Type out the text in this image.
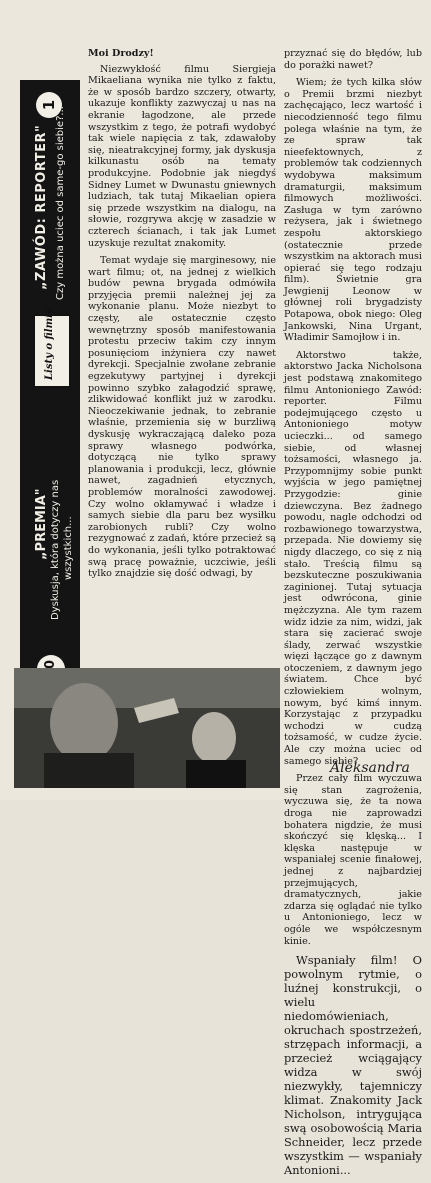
1
„ZAWÓD: REPORTER" Czy można uciec od same-go siebie?...
Listy o filmie
„PREMIA" Dyskusja, która dotyczy nas wszystkich...

Moi Drodzy!

Niezwykłość filmu Siergieja Mikaeliana wynika nie tylko z faktu, że w sposób bardzo szczery, otwarty, ukazuje konflikty zazwyczaj u nas na ekranie łagodzone, ale przede wszystkim z tego, że potrafi wydobyć tak wiele napięcia z tak, zdawałoby się, nieatrakcyjnej formy, jak dyskusja kilkunastu osób na tematy produkcyjne. Podobnie jak niegdyś Sidney Lumet w Dwunastu gniewnych ludziach, tak tutaj Mikaelian opiera się przede wszystkim na dialogu, na słowie, rozgrywa akcję w zasadzie w czterech ścianach, i tak jak Lumet uzyskuje rezultat znakomity.

Temat wydaje się marginesowy, nie wart filmu; ot, na jednej z wielkich budów pewna brygada odmówiła przyjęcia premii należnej jej za wykonanie planu. Może niezbyt to częsty, ale ostatecznie często wewnętrzny sposób manifestowania protestu przeciw takim czy innym posunięciom inżyniera czy nawet dyrekcji. Specjalnie zwołane zebranie egzekutywy partyjnej i dyrekcji powinno szybko załagodzić sprawę, zlikwidować konflikt już w zarodku. Nieoczekiwanie jednak, to zebranie właśnie, przemienia się w burzliwą dyskusję wykraczającą daleko poza sprawy własnego podwórka, dotyczącą nie tylko sprawy planowania i produkcji, lecz, głównie nawet, zagadnień etycznych, problemów moralności zawodowej. Czy wolno okłamywać i władze i samych siebie dla paru bez wysiłku zarobionych rubli? Czy wolno rezygnować z zadań, które przecież są do wykonania, jeśli tylko potraktować swą pracę poważnie, uczciwie, jeśli tylko znajdzie się dość odwagi, by

przyznać się do błędów, lub do porażki nawet?

Wiem; że tych kilka słów o Premii brzmi niezbyt zachęcająco, lecz wartość i niecodzienność tego filmu polega właśnie na tym, że ze spraw tak nieefektownych, z problemów tak codziennych wydobywa maksimum dramaturgii, maksimum filmowych możliwości. Zasługa w tym zarówno reżysera, jak i świetnego zespołu aktorskiego (ostatecznie przede wszystkim na aktorach musi opierać się tego rodzaju film). Świetnie gra Jewgienij Leonow w głównej roli brygadzisty Potapowa, obok niego: Oleg Jankowski, Nina Urgant, Władimir Samojłow i in.

Aktorstwo także, aktorstwo Jacka Nicholsona jest podstawą znakomitego filmu Antonioniego Zawód: reporter. Filmu podejmującego często u Antonioniego motyw ucieczki... od samego siebie, od własnej tożsamości, własnego ja. Przypomnijmy sobie punkt wyjścia w jego pamiętnej Przygodzie: ginie dziewczyna. Bez żadnego powodu, nagle odchodzi od rozbawionego towarzystwa, przepada. Nie dowiemy się nigdy dlaczego, co się z nią stało. Treścią filmu są bezskuteczne poszukiwania zaginionej. Tutaj sytuacja jest odwrócona, ginie mężczyzna. Ale tym razem widz idzie za nim, widzi, jak stara się zacierać swoje ślady, zerwać wszystkie więzi łączące go z dawnym otoczeniem, z dawnym jego światem. Chce być człowiekiem wolnym, nowym, być kimś innym. Korzystając z przypadku wchodzi w cudzą tożsamość, w cudze życie. Ale czy można uciec od samego siebie?

Przez cały film wyczuwa się stan zagrożenia, wyczuwa się, że ta nowa droga nie zaprowadzi bohatera nigdzie, że musi skończyć się klęską... I klęska następuje w wspaniałej scenie finałowej, jednej z najbardziej przejmujących, dramatycznych, jakie zdarza się oglądać nie tylko u Antonioniego, lecz w ogóle we współczesnym kinie.

Wspaniały film! O powolnym rytmie, o luźnej konstrukcji, o wielu niedomówieniach, okruchach spostrzeżeń, strzępach informacji, a przecież wciągający widza w swój niezwykły, tajemniczy klimat. Znakomity Jack Nicholson, intrygująca swą osobowością Maria Schneider, lecz przede wszystkim — wspaniały Antonioni...

Aleksandra
